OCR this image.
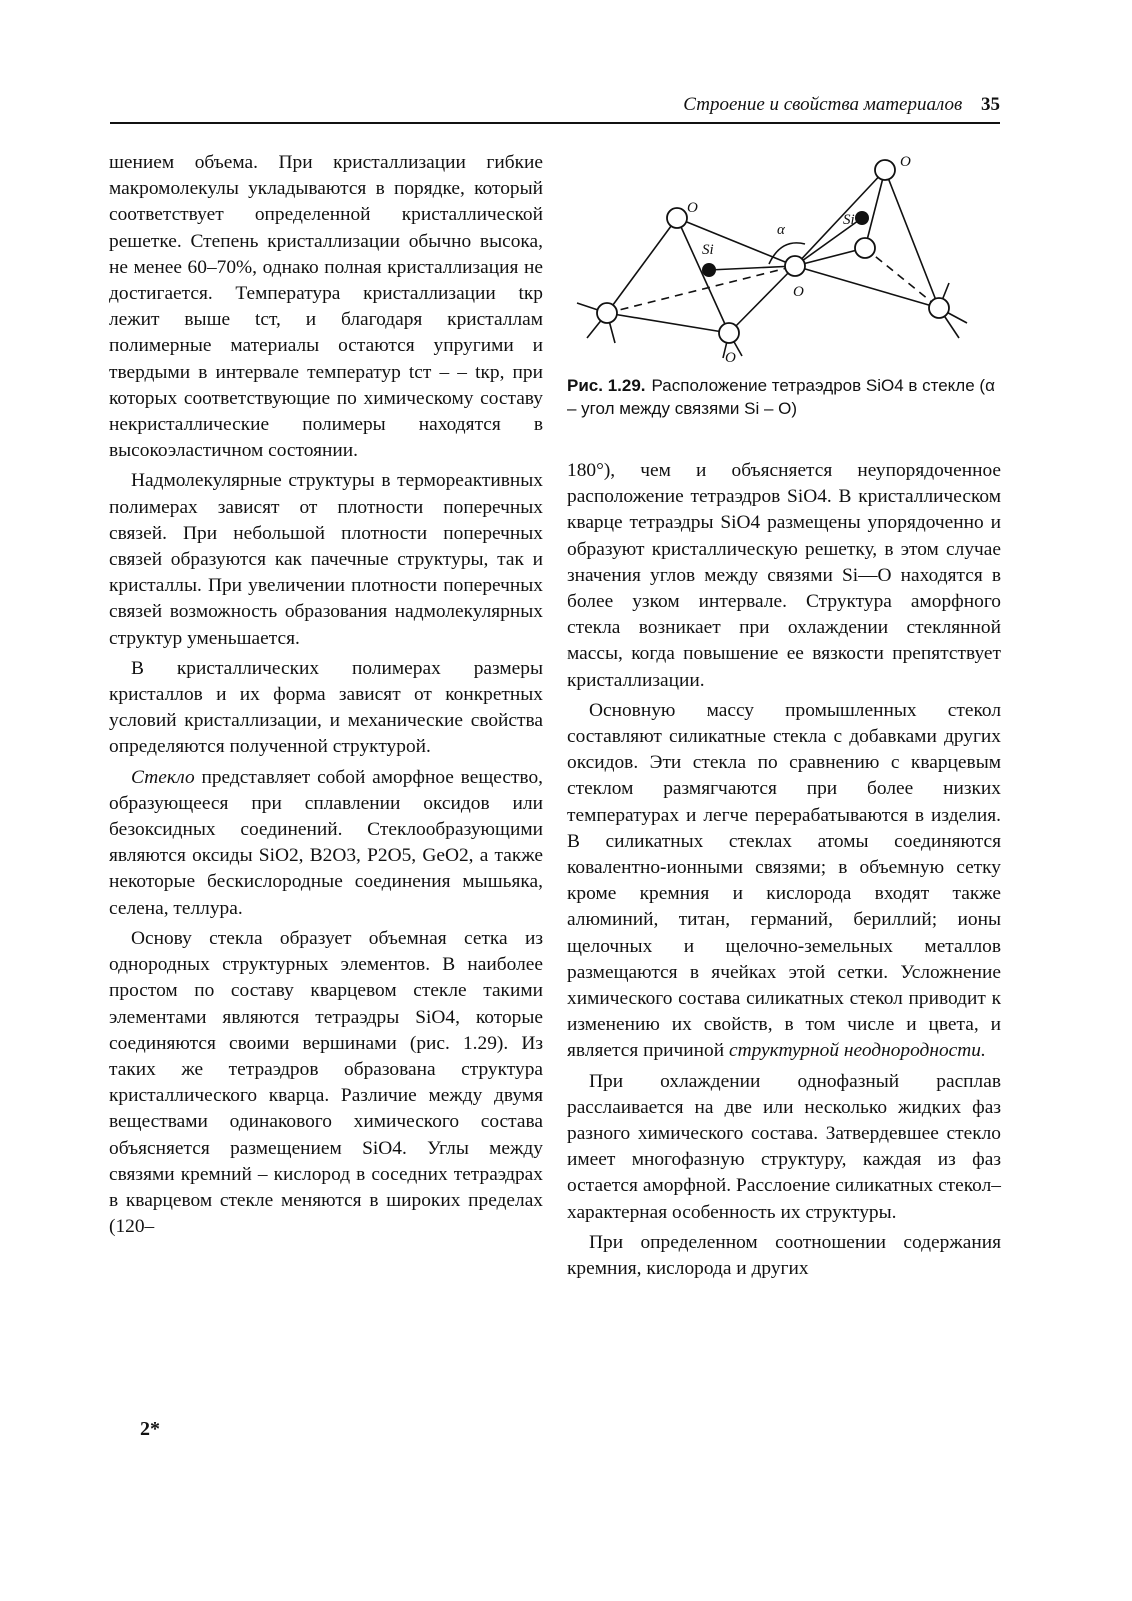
Строение и свойства материалов 35

шением объема. При кристаллизации гибкие макромолекулы укладываются в порядке, который соответствует определенной кристаллической решетке. Степень кристаллизации обычно высока, не менее 60–70%, однако полная кристаллизация не достигается. Температура кристаллизации tкр лежит выше tст, и благодаря кристаллам полимерные материалы остаются упругими и твердыми в интервале температур tст – – tкр, при которых соответствующие по химическому составу некристаллические полимеры находятся в высокоэластичном состоянии.

Надмолекулярные структуры в термореактивных полимерах зависят от плотности поперечных связей. При небольшой плотности поперечных связей образуются как пачечные структуры, так и кристаллы. При увеличении плотности поперечных связей возможность образования надмолекулярных структур уменьшается.

В кристаллических полимерах размеры кристаллов и их форма зависят от конкретных условий кристаллизации, и механические свойства определяются полученной структурой.

Стекло представляет собой аморфное вещество, образующееся при сплавлении оксидов или безоксидных соединений. Стеклообразующими являются оксиды SiO2, B2O3, P2O5, GeO2, а также некоторые бескислородные соединения мышьяка, селена, теллура.

Основу стекла образует объемная сетка из однородных структурных элементов. В наиболее простом по составу кварцевом стекле такими элементами являются тетраэдры SiO4, которые соединяются своими вершинами (рис. 1.29). Из таких же тетраэдров образована структура кристаллического кварца. Различие между двумя веществами одинакового химического состава объясняется размещением SiO4. Углы между связями кремний – кислород в соседних тетраэдрах в кварцевом стекле меняются в широких пределах (120–

O
O
O
O
Si
Si
α
Рис. 1.29. Расположение тетраэдров SiO4 в стекле (α – угол между связями Si – O)

180°), чем и объясняется неупорядоченное расположение тетраэдров SiO4. В кристаллическом кварце тетраэдры SiO4 размещены упорядоченно и образуют кристаллическую решетку, в этом случае значения углов между связями Si—O находятся в более узком интервале. Структура аморфного стекла возникает при охлаждении стеклянной массы, когда повышение ее вязкости препятствует кристаллизации.

Основную массу промышленных стекол составляют силикатные стекла с добавками других оксидов. Эти стекла по сравнению с кварцевым стеклом размягчаются при более низких температурах и легче перерабатываются в изделия. В силикатных стеклах атомы соединяются ковалентно-ионными связями; в объемную сетку кроме кремния и кислорода входят также алюминий, титан, германий, бериллий; ионы щелочных и щелочно-земельных металлов размещаются в ячейках этой сетки. Усложнение химического состава силикатных стекол приводит к изменению их свойств, в том числе и цвета, и является причиной структурной неоднородности.

При охлаждении однофазный расплав расслаивается на две или несколько жидких фаз разного химического состава. Затвердевшее стекло имеет многофазную структуру, каждая из фаз остается аморфной. Расслоение силикатных стекол–характерная особенность их структуры.

При определенном соотношении содержания кремния, кислорода и других

2*
